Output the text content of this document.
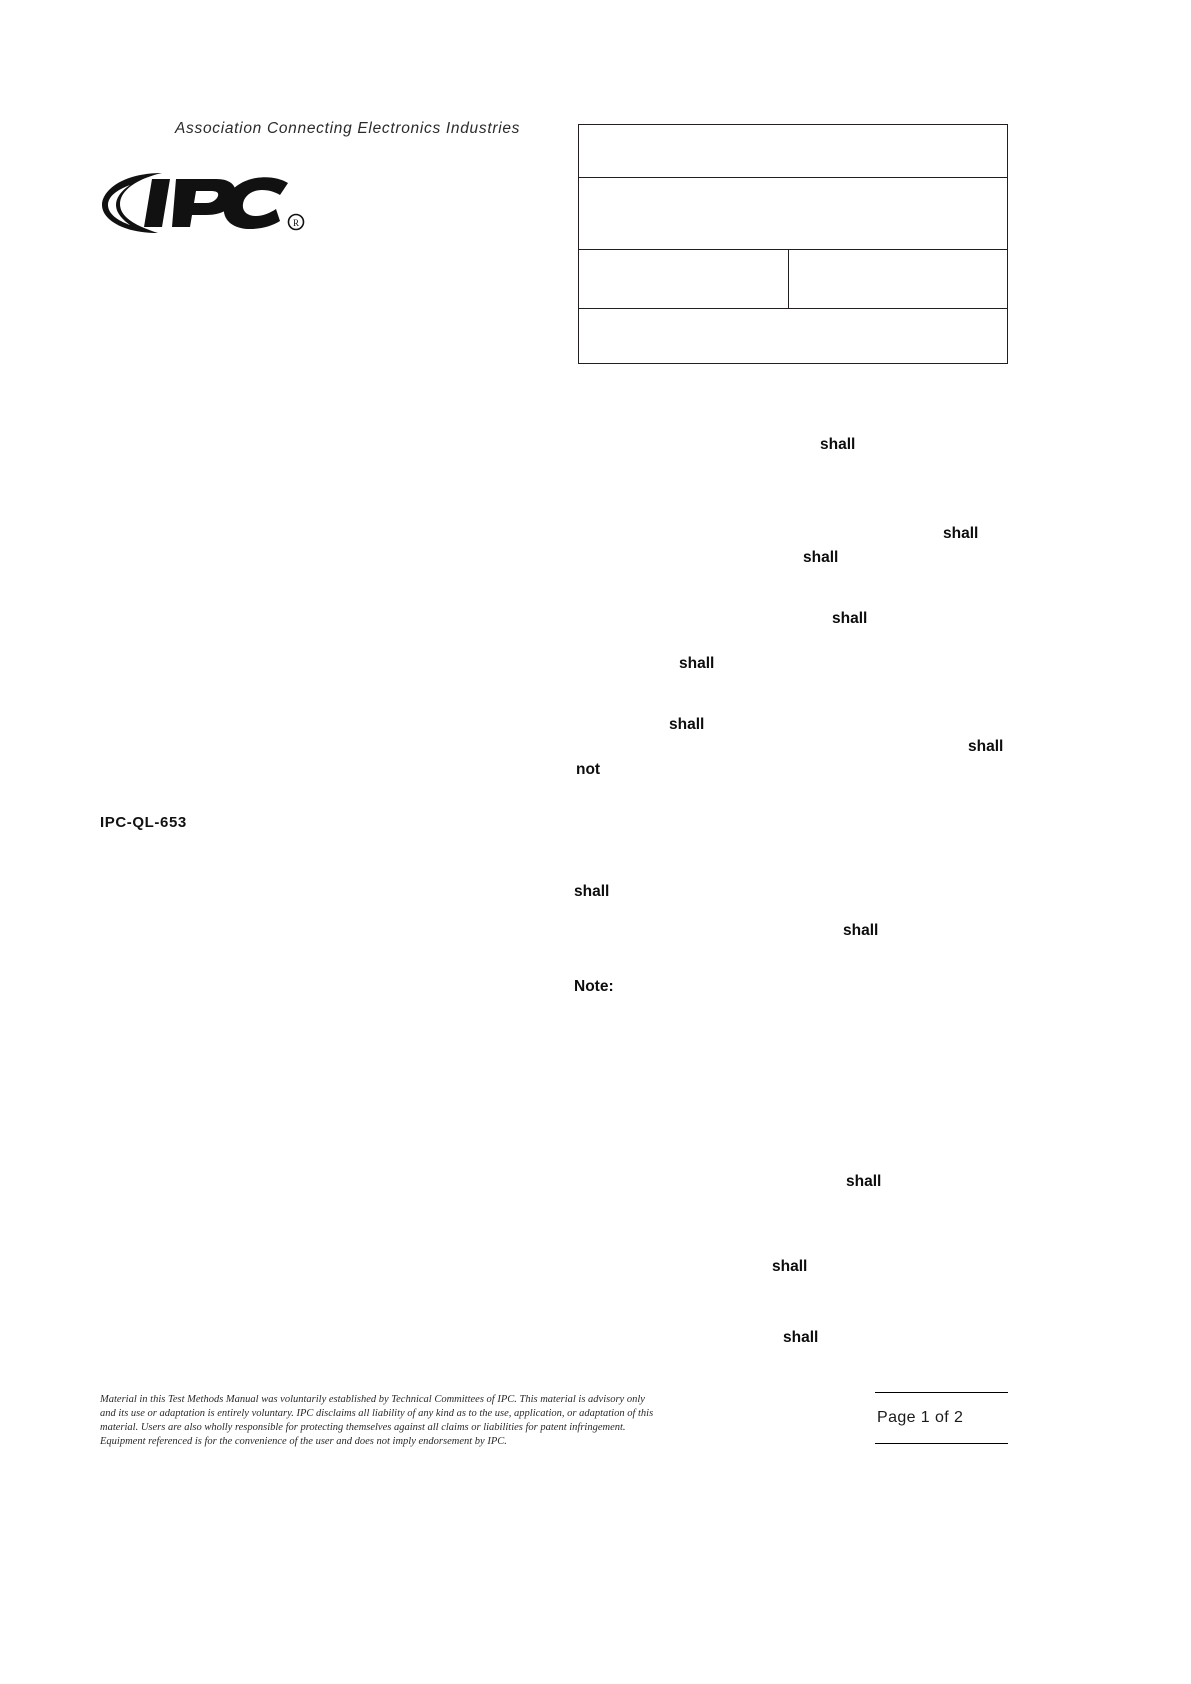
Association Connecting Electronics Industries
R
shall
shall
shall
shall
shall
shall
shall
not
shall
shall
Note:
shall
shall
shall
IPC-QL-653
Page 1 of 2

Material in this Test Methods Manual was voluntarily established by Technical Committees of IPC. This material is advisory only

and its use or adaptation is entirely voluntary. IPC disclaims all liability of any kind as to the use, application, or adaptation of this

material. Users are also wholly responsible for protecting themselves against all claims or liabilities for patent infringement.

Equipment referenced is for the convenience of the user and does not imply endorsement by IPC.
